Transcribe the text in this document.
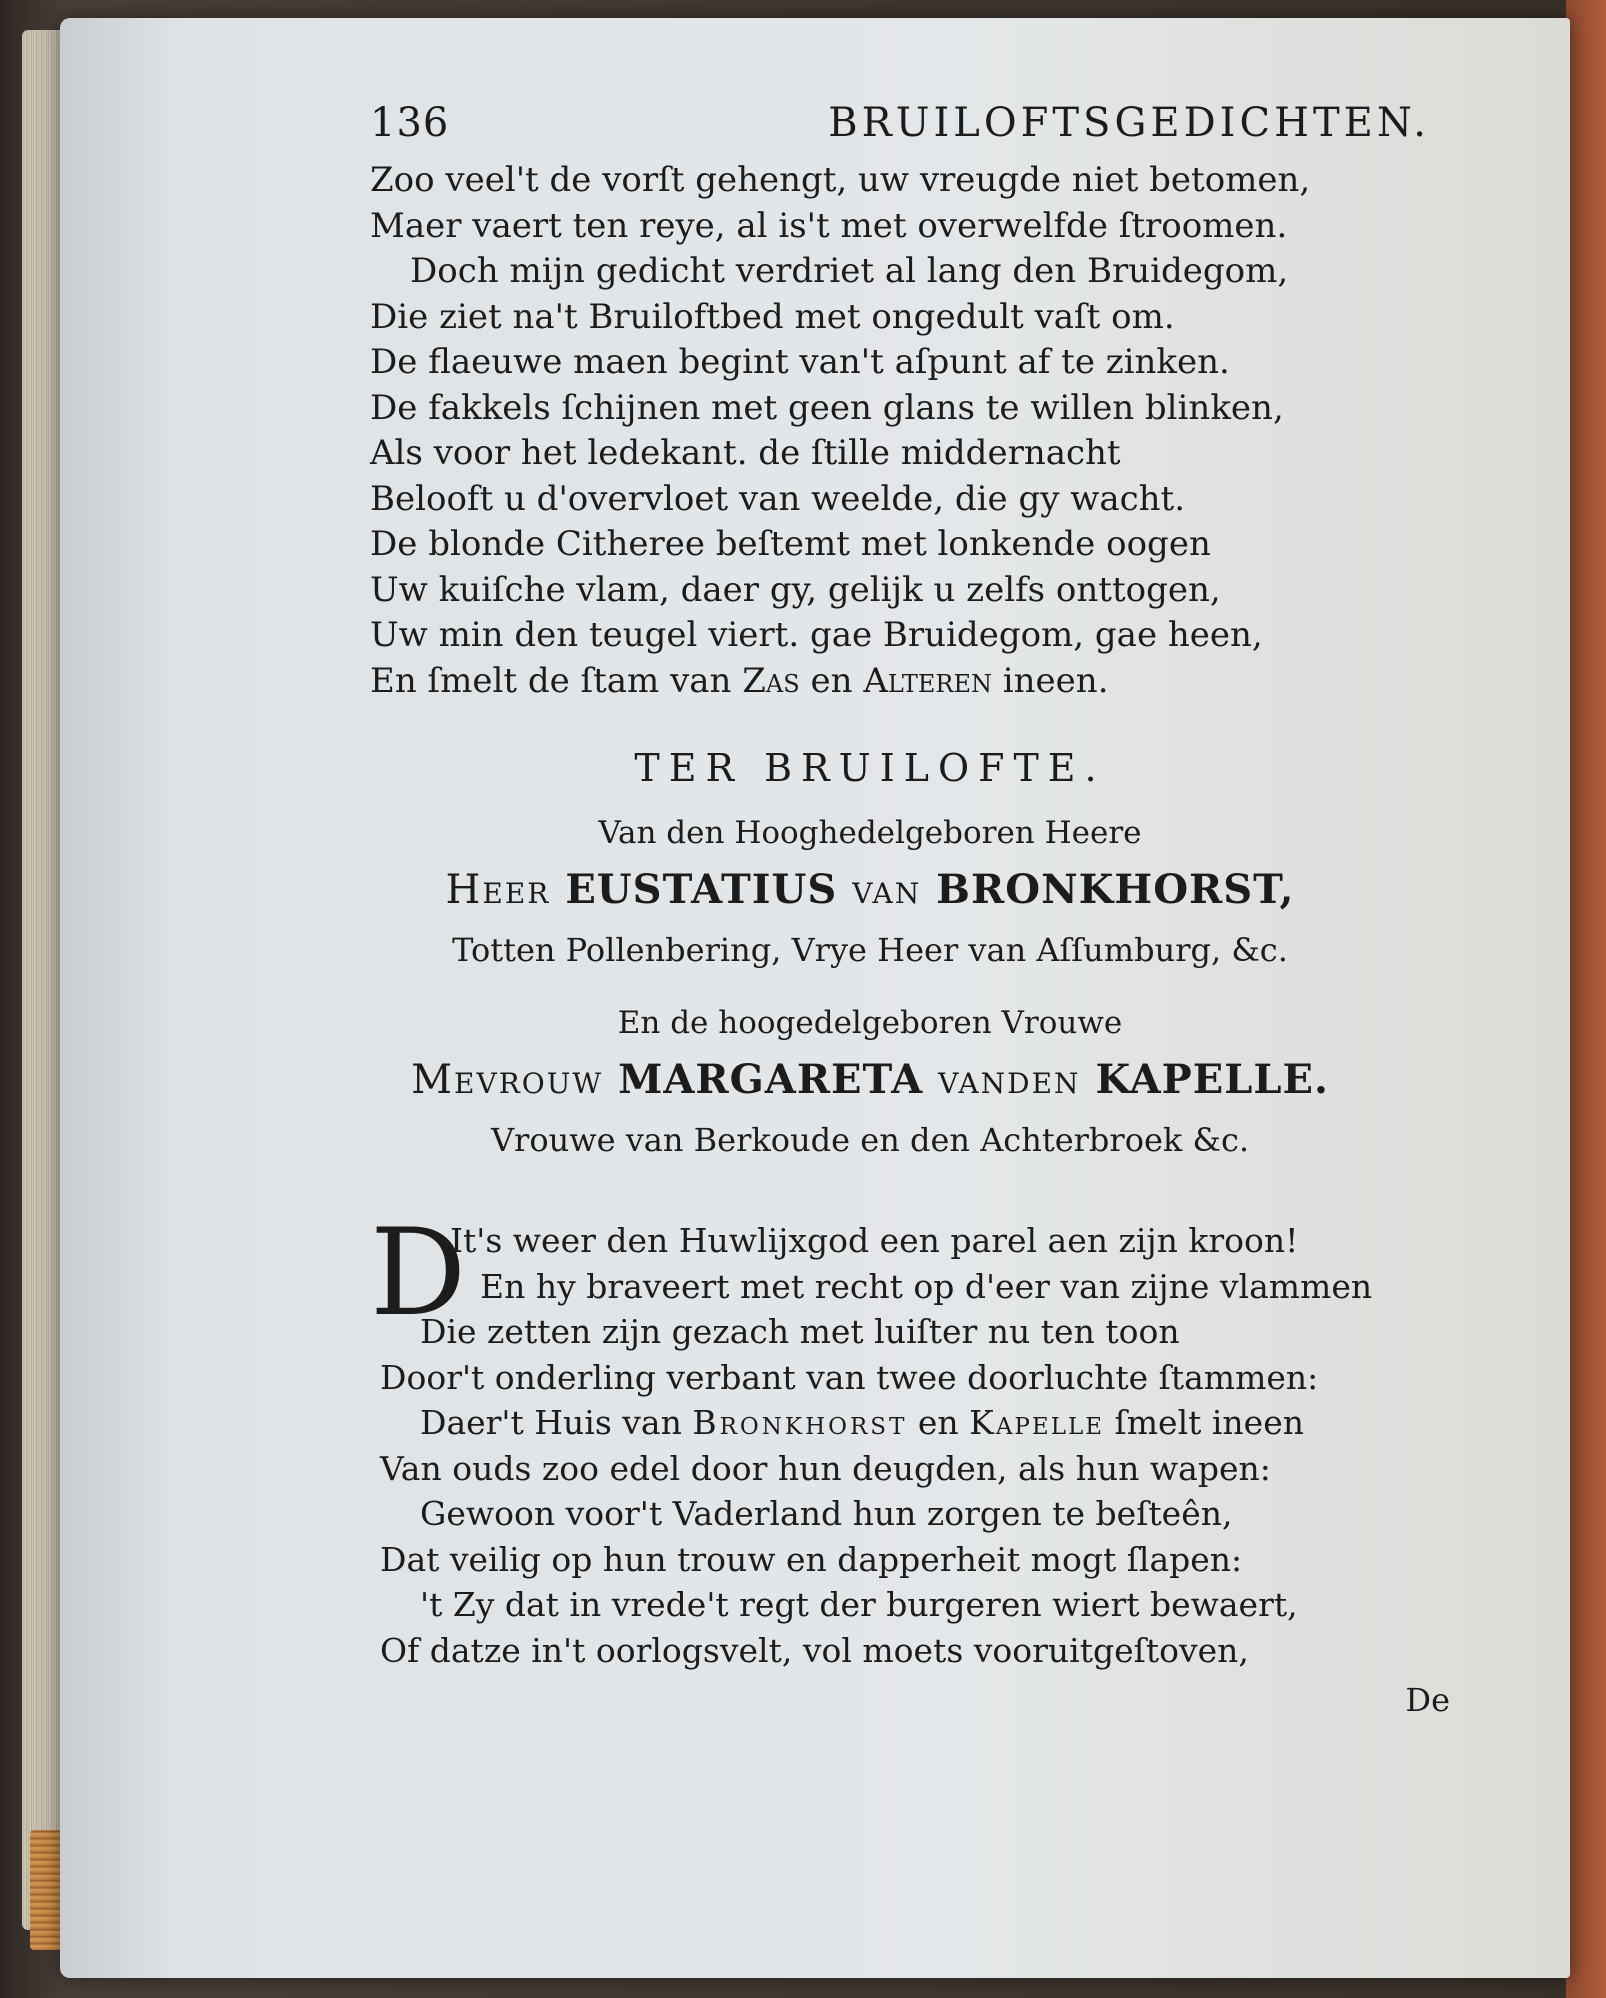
136	BRUILOFTSGEDICHTEN.
Zoo veel't de vorſt gehengt, uw vreugde niet betomen,
Maer vaert ten reye, al is't met overwelfde ſtroomen.
Doch mijn gedicht verdriet al lang den Bruidegom,
Die ziet na't Bruiloftbed met ongedult vaſt om.
De flaeuwe maen begint van't aſpunt af te zinken.
De fakkels ſchijnen met geen glans te willen blinken,
Als voor het ledekant. de ſtille middernacht
Belooft u d'overvloet van weelde, die gy wacht.
De blonde Citheree beſtemt met lonkende oogen
Uw kuiſche vlam, daer gy, gelijk u zelfs onttogen,
Uw min den teugel viert. gae Bruidegom, gae heen,
En ſmelt de ſtam van Zas en Alteren ineen.
TER BRUILOFTE.
Van den Hooghedelgeboren Heere
Heer EUSTATIUS van BRONKHORST,
Totten Pollenbering, Vrye Heer van Aſſumburg, &c.
En de hoogedelgeboren Vrouwe
Mevrouw MARGARETA vanden KAPELLE.
Vrouwe van Berkoude en den Achterbroek &c.
D
It's weer den Huwlijxgod een parel aen zijn kroon!
En hy braveert met recht op d'eer van zijne vlammen
Die zetten zijn gezach met luiſter nu ten toon
Door't onderling verbant van twee doorluchte ſtammen:
Daer't Huis van Bronkhorst en Kapelle ſmelt ineen
Van ouds zoo edel door hun deugden, als hun wapen:
Gewoon voor't Vaderland hun zorgen te beſteên,
Dat veilig op hun trouw en dapperheit mogt ſlapen:
't Zy dat in vrede't regt der burgeren wiert bewaert,
Of datze in't oorlogsvelt, vol moets vooruitgeſtoven,
De
